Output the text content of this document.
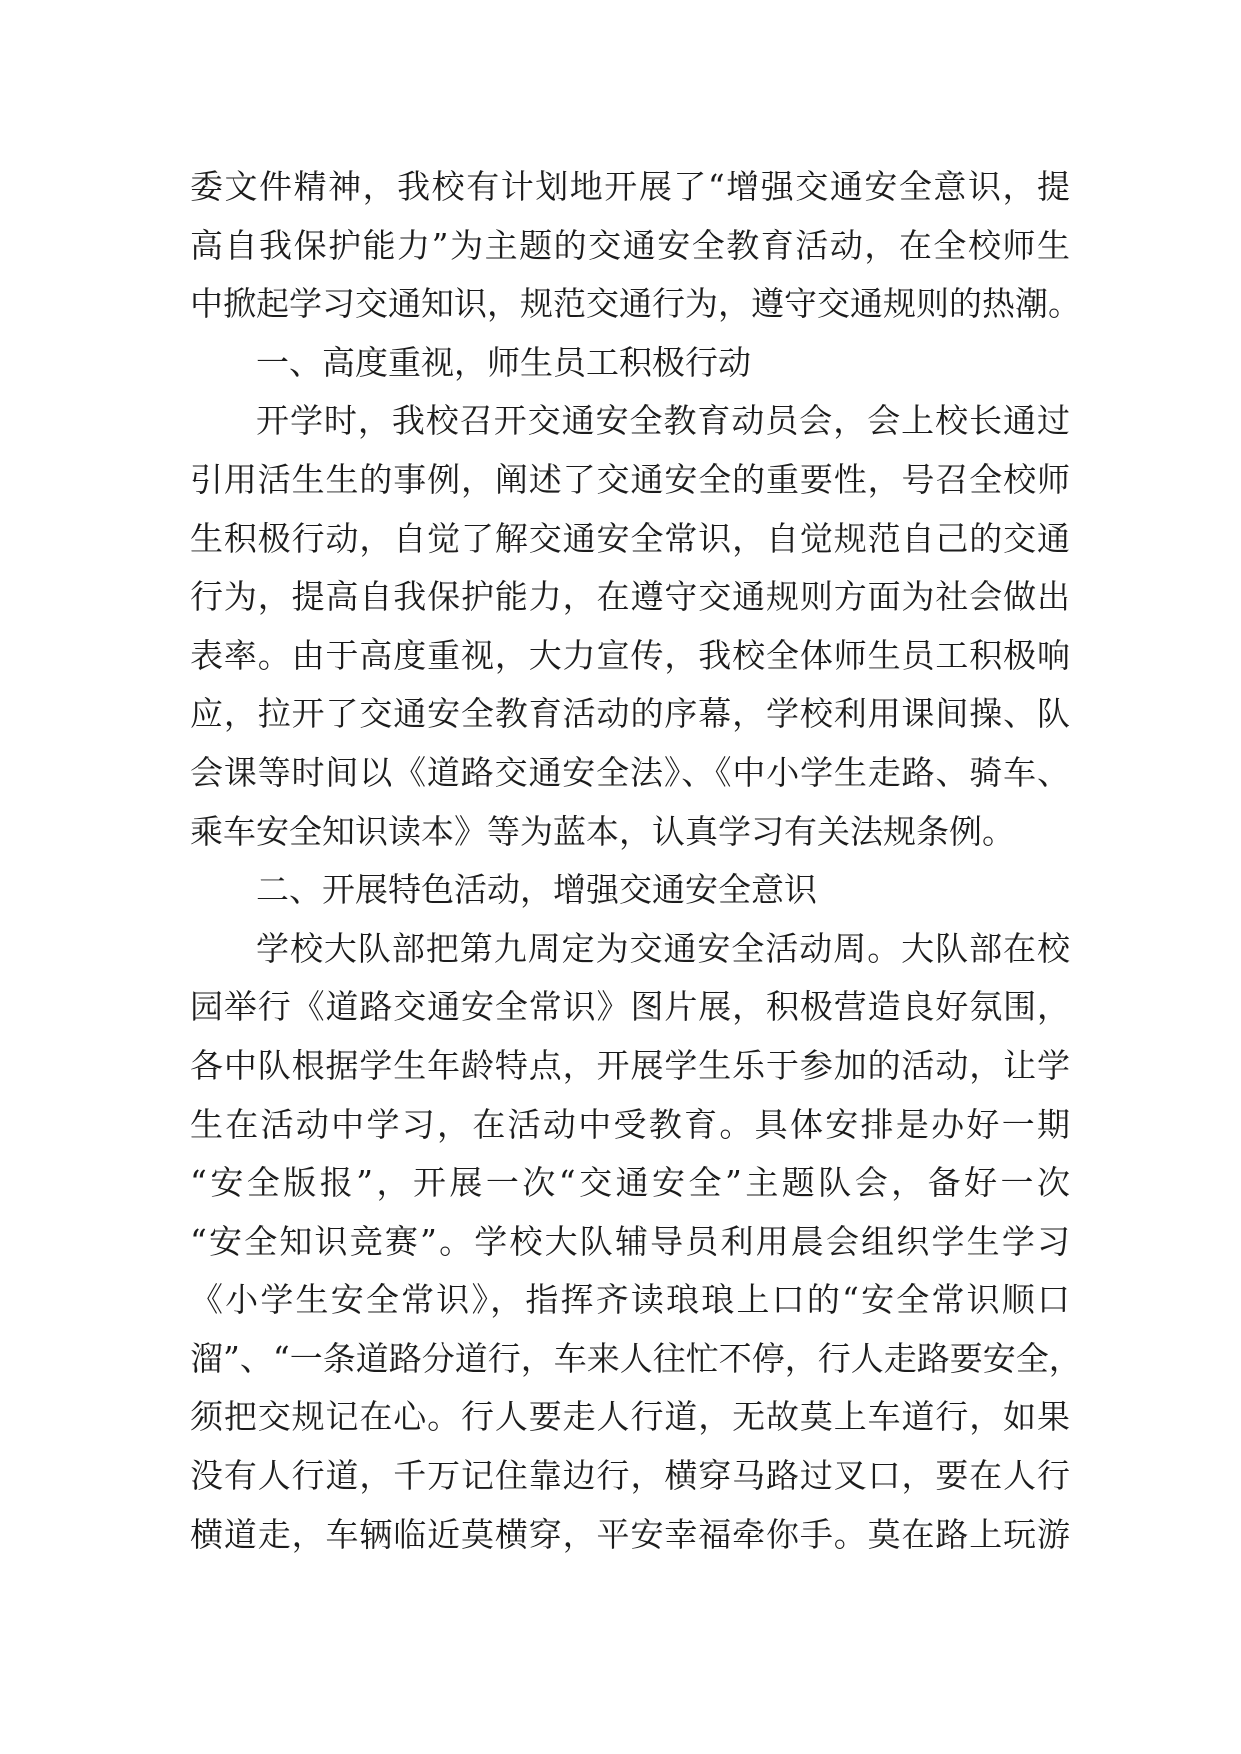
委文件精神，我校有计划地开展了“增强交通安全意识，提
高自我保护能力”为主题的交通安全教育活动，在全校师生
中掀起学习交通知识，规范交通行为，遵守交通规则的热潮。
一、高度重视，师生员工积极行动
开学时，我校召开交通安全教育动员会，会上校长通过
引用活生生的事例，阐述了交通安全的重要性，号召全校师
生积极行动，自觉了解交通安全常识，自觉规范自己的交通
行为，提高自我保护能力，在遵守交通规则方面为社会做出
表率。由于高度重视，大力宣传，我校全体师生员工积极响
应，拉开了交通安全教育活动的序幕，学校利用课间操、队
会课等时间以《道路交通安全法》、《中小学生走路、骑车、
乘车安全知识读本》等为蓝本，认真学习有关法规条例。
二、开展特色活动，增强交通安全意识
学校大队部把第九周定为交通安全活动周。大队部在校
园举行《道路交通安全常识》图片展，积极营造良好氛围，
各中队根据学生年龄特点，开展学生乐于参加的活动，让学
生在活动中学习，在活动中受教育。具体安排是办好一期
“安全版报”，开展一次“交通安全”主题队会，备好一次
“安全知识竞赛”。学校大队辅导员利用晨会组织学生学习
《小学生安全常识》，指挥齐读琅琅上口的“安全常识顺口
溜”、“一条道路分道行，车来人往忙不停，行人走路要安全，
须把交规记在心。行人要走人行道，无故莫上车道行，如果
没有人行道，千万记住靠边行，横穿马路过叉口，要在人行
横道走，车辆临近莫横穿，平安幸福牵你手。莫在路上玩游
